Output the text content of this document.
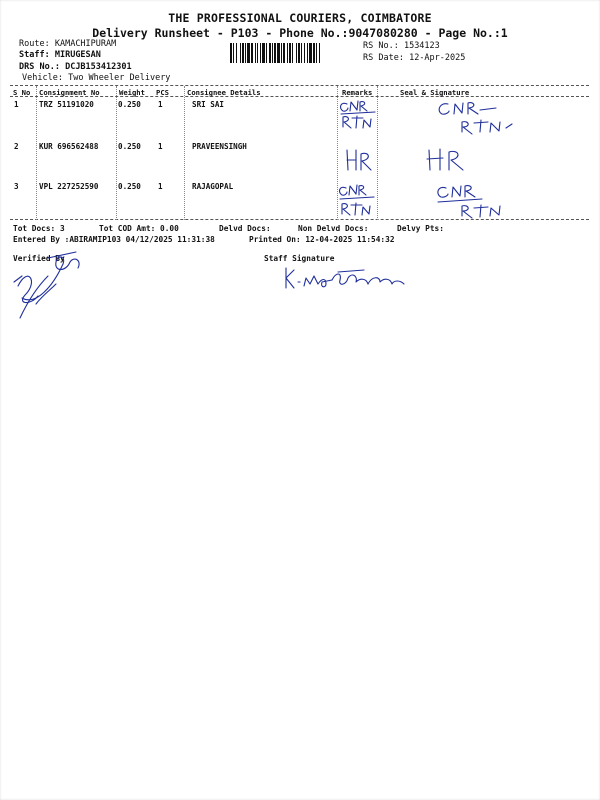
THE PROFESSIONAL COURIERS, COIMBATORE
Delivery Runsheet - P103 - Phone No.:9047080280 - Page No.:1
Route: KAMACHIPURAM
Staff: MIRUGESAN
DRS No.: DCJB153412301
Vehicle: Two Wheeler Delivery
RS No.: 1534123
RS Date: 12-Apr-2025
S No Consignment No	Weight PCS	Consignee Details	Remarks	Seal & Signature
1	TRZ 51191020	0.250 1	SRI SAI
2	KUR 696562488	0.250 1	PRAVEENSINGH
3	VPL 227252590	0.250 1	RAJAGOPAL
Tot Docs: 3	Tot COD Amt: 0.00	Delvd Docs:	Non Delvd Docs:	Delvy Pts:
Entered By :ABIRAMIP103 04/12/2025 11:31:38	Printed On: 12-04-2025 11:54:32
Verified By	Staff Signature
